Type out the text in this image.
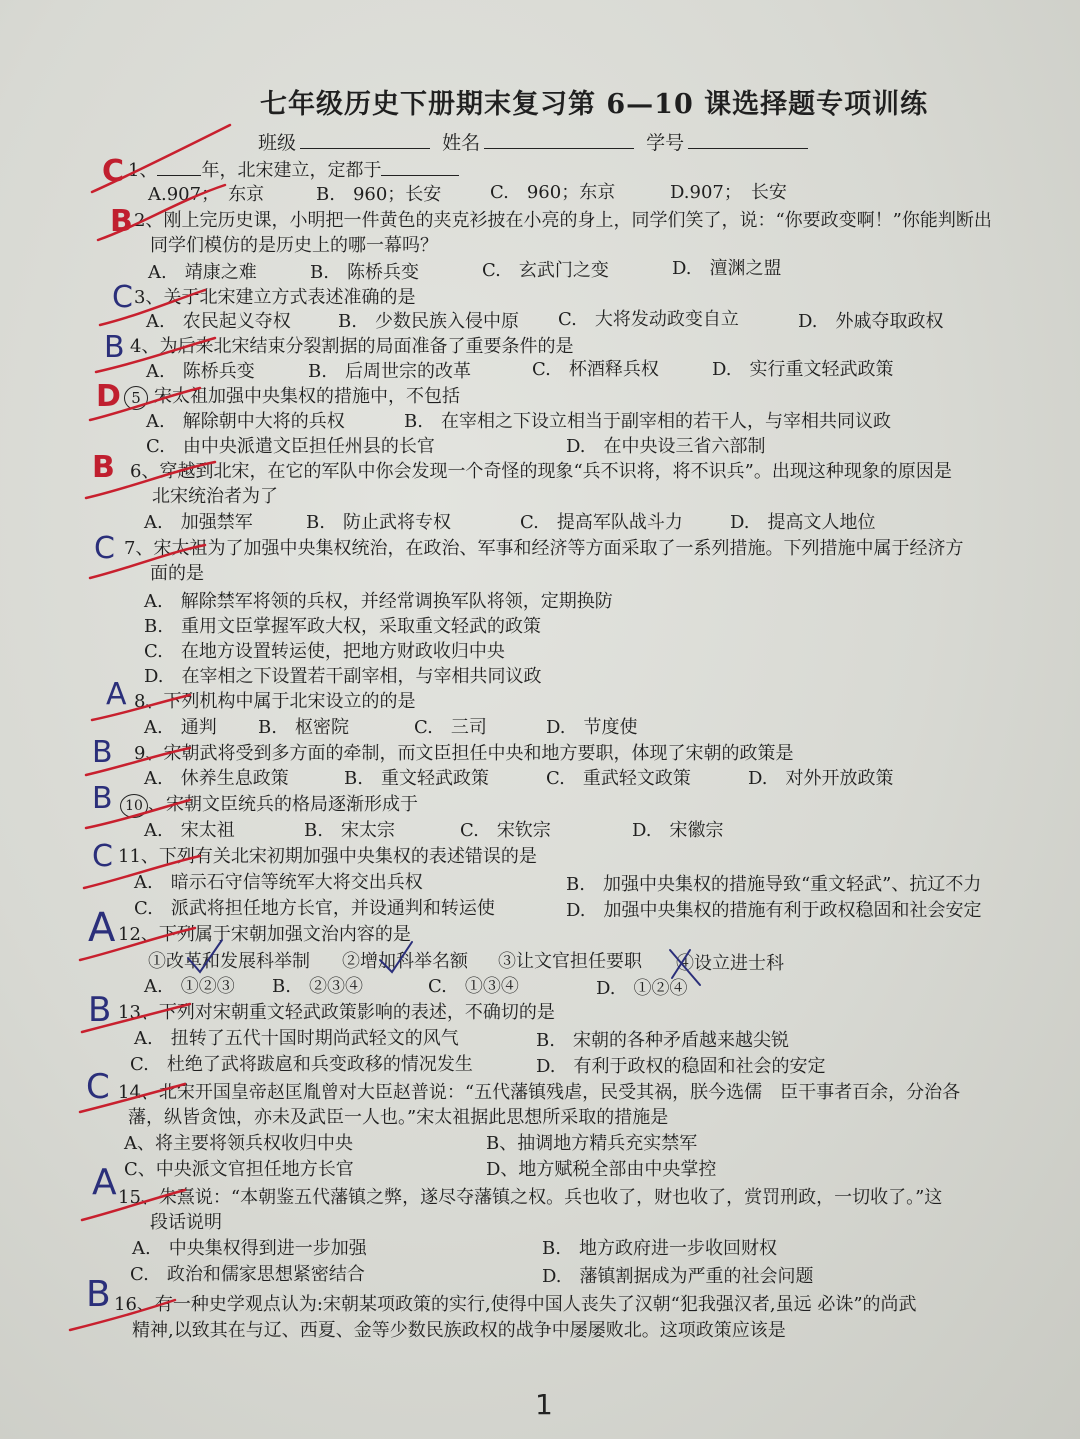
七年级历史下册期末复习第 6—10 课选择题专项训练
班级	姓名	学号
C
B
C
B
D
B
C
A
B
B
C
A
B
C
A
B
1、 年，北宋建立，定都于
A.907；　东京	B.　960；长安	C.　960；东京	D.907；　长安
2、刚上完历史课，小明把一件黄色的夹克衫披在小亮的身上，同学们笑了，说：“你要政变啊！”你能判断出
同学们模仿的是历史上的哪一幕吗？
A.　靖康之难	B.　陈桥兵变	C.　玄武门之变	D.　澶渊之盟
3、关于北宋建立方式表述准确的是
A.　农民起义夺权	B.　少数民族入侵中原 C.　大将发动政变自立	D.　外戚夺取政权
4、为后来北宋结束分裂割据的局面准备了重要条件的是
A.　陈桥兵变	B.　后周世宗的改革	C.　杯酒释兵权	D.　实行重文轻武政策
5 宋太祖加强中央集权的措施中，不包括
A.　解除朝中大将的兵权	B.　在宰相之下设立相当于副宰相的若干人，与宰相共同议政
C.　由中央派遣文臣担任州县的长官	D.　在中央设三省六部制
6、穿越到北宋，在它的军队中你会发现一个奇怪的现象“兵不识将，将不识兵”。出现这种现象的原因是
北宋统治者为了
A.　加强禁军	B.　防止武将专权	C.　提高军队战斗力	D.　提高文人地位
7、宋太祖为了加强中央集权统治，在政治、军事和经济等方面采取了一系列措施。下列措施中属于经济方
面的是
A.　解除禁军将领的兵权，并经常调换军队将领，定期换防
B.　重用文臣掌握军政大权，采取重文轻武的政策
C.　在地方设置转运使，把地方财政收归中央
D.　在宰相之下设置若干副宰相，与宰相共同议政
8、下列机构中属于北宋设立的的是
A.　通判 B.　枢密院	C.　三司	D.　节度使
9、宋朝武将受到多方面的牵制，而文臣担任中央和地方要职，体现了宋朝的政策是
A.　休养生息政策	B.　重文轻武政策	C.　重武轻文政策	D.　对外开放政策
10 、宋朝文臣统兵的格局逐渐形成于
A.　宋太祖	B.　宋太宗	C.　宋钦宗	D.　宋徽宗
11、下列有关北宋初期加强中央集权的表述错误的是
A.　暗示石守信等统军大将交出兵权	B.　加强中央集权的措施导致“重文轻武”、抗辽不力
C.　派武将担任地方长官，并设通判和转运使	D.　加强中央集权的措施有利于政权稳固和社会安定
12、下列属于宋朝加强文治内容的是
①改革和发展科举制 ②增加科举名额 ③让文官担任要职 ④设立进士科
A.　①②③ B.　②③④	C.　①③④	D.　①②④
13、下列对宋朝重文轻武政策影响的表述，不确切的是
A.　扭转了五代十国时期尚武轻文的风气	B.　宋朝的各种矛盾越来越尖锐
C.　杜绝了武将跋扈和兵变政移的情况发生	D.　有利于政权的稳固和社会的安定
14、北宋开国皇帝赵匡胤曾对大臣赵普说：“五代藩镇残虐，民受其祸，朕今选儒　臣干事者百余，分治各
藩，纵皆贪蚀，亦未及武臣一人也。”宋太祖据此思想所采取的措施是
A、将主要将领兵权收归中央	B、抽调地方精兵充实禁军
C、中央派文官担任地方长官	D、地方赋税全部由中央掌控
15、朱熹说：“本朝鉴五代藩镇之弊，遂尽夺藩镇之权。兵也收了，财也收了，赏罚刑政，一切收了。”这
段话说明
A.　中央集权得到进一步加强	B.　地方政府进一步收回财权
C.　政治和儒家思想紧密结合	D.　藩镇割据成为严重的社会问题
16、有一种史学观点认为:宋朝某项政策的实行,使得中国人丧失了汉朝“犯我强汉者,虽远 必诛”的尚武
精神,以致其在与辽、西夏、金等少数民族政权的战争中屡屡败北。这项政策应该是
1
